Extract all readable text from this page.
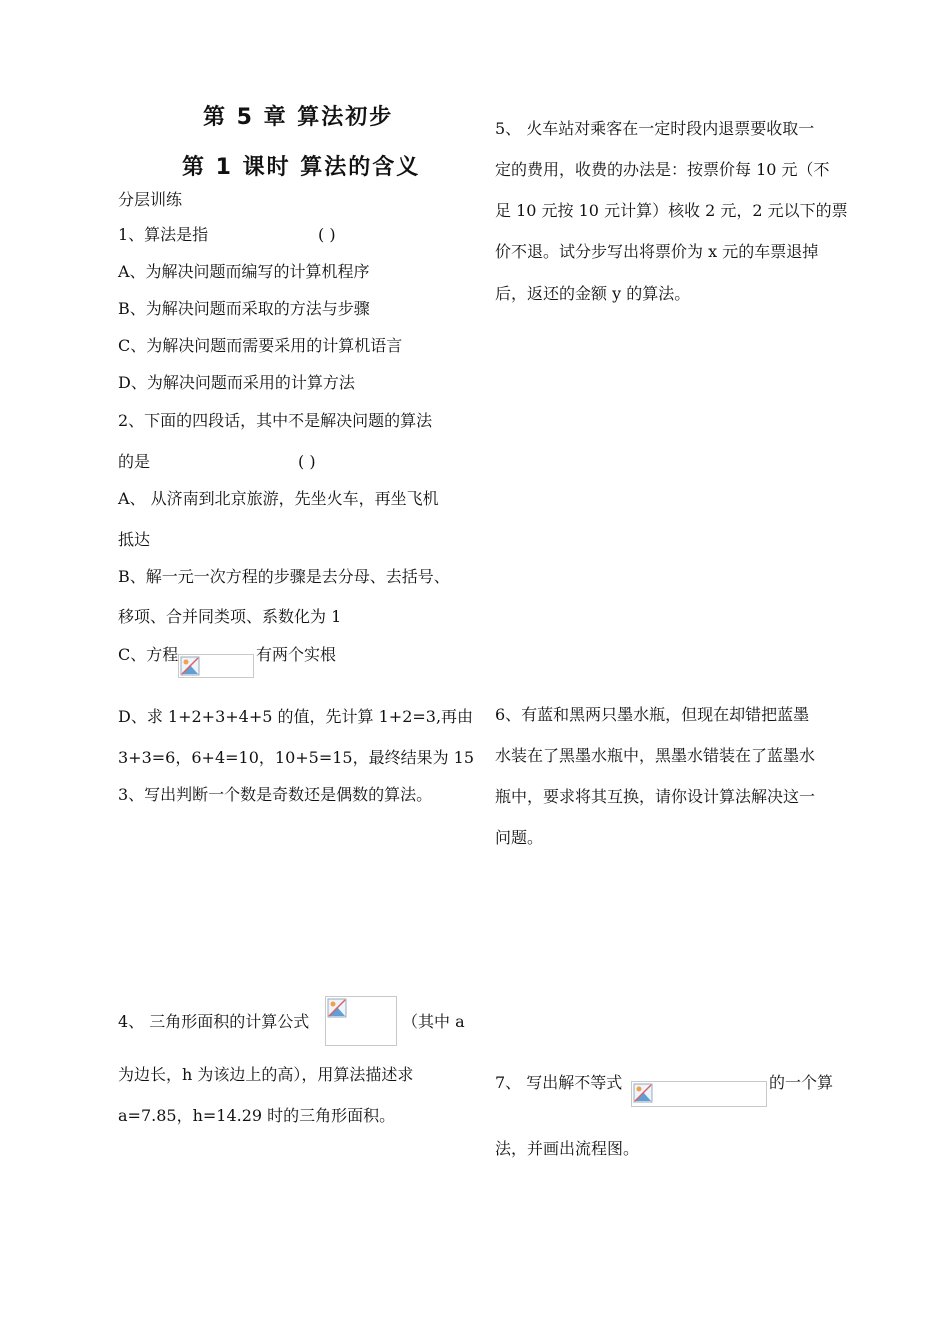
第 5 章 算法初步
第 1 课时 算法的含义
分层训练
1、算法是指	( )
A、为解决问题而编写的计算机程序
B、为解决问题而采取的方法与步骤
C、为解决问题而需要采用的计算机语言
D、为解决问题而采用的计算方法
2、下面的四段话，其中不是解决问题的算法
的是	( )
A、 从济南到北京旅游，先坐火车，再坐飞机
抵达
B、解一元一次方程的步骤是去分母、去括号、
移项、合并同类项、系数化为 1
C、方程	有两个实根
D、求 1+2+3+4+5 的值，先计算 1+2=3,再由
3+3=6，6+4=10，10+5=15，最终结果为 15
3、写出判断一个数是奇数还是偶数的算法。
4、 三角形面积的计算公式	（其中 a
为边长，h 为该边上的高），用算法描述求
a=7.85，h=14.29 时的三角形面积。
5、 火车站对乘客在一定时段内退票要收取一
定的费用，收费的办法是：按票价每 10 元（不
足 10 元按 10 元计算）核收 2 元，2 元以下的票
价不退。试分步写出将票价为 x 元的车票退掉
后，返还的金额 y 的算法。
6、有蓝和黑两只墨水瓶，但现在却错把蓝墨
水装在了黑墨水瓶中，黑墨水错装在了蓝墨水
瓶中，要求将其互换，请你设计算法解决这一
问题。
7、 写出解不等式	的一个算
法，并画出流程图。
